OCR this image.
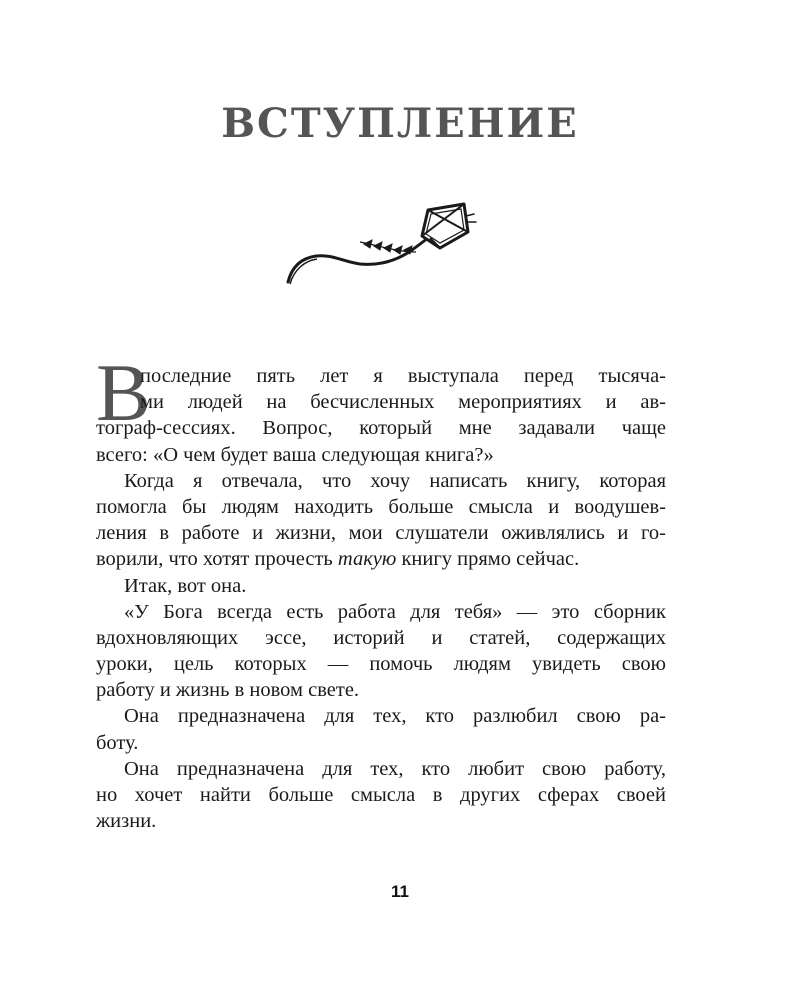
ВСТУПЛЕНИЕ
В
последние пять лет я выступала перед тысяча-
ми людей на бесчисленных мероприятиях и ав-
тограф-сессиях. Вопрос, который мне задавали чаще
всего: «О чем будет ваша следующая книга?»
Когда я отвечала, что хочу написать книгу, которая
помогла бы людям находить больше смысла и воодушев-
ления в работе и жизни, мои слушатели оживлялись и го-
ворили, что хотят прочесть такую книгу прямо сейчас.
Итак, вот она.
«У Бога всегда есть работа для тебя» — это сборник
вдохновляющих эссе, историй и статей, содержащих
уроки, цель которых — помочь людям увидеть свою
работу и жизнь в новом свете.
Она предназначена для тех, кто разлюбил свою ра-
боту.
Она предназначена для тех, кто любит свою работу,
но хочет найти больше смысла в других сферах своей
жизни.
11
